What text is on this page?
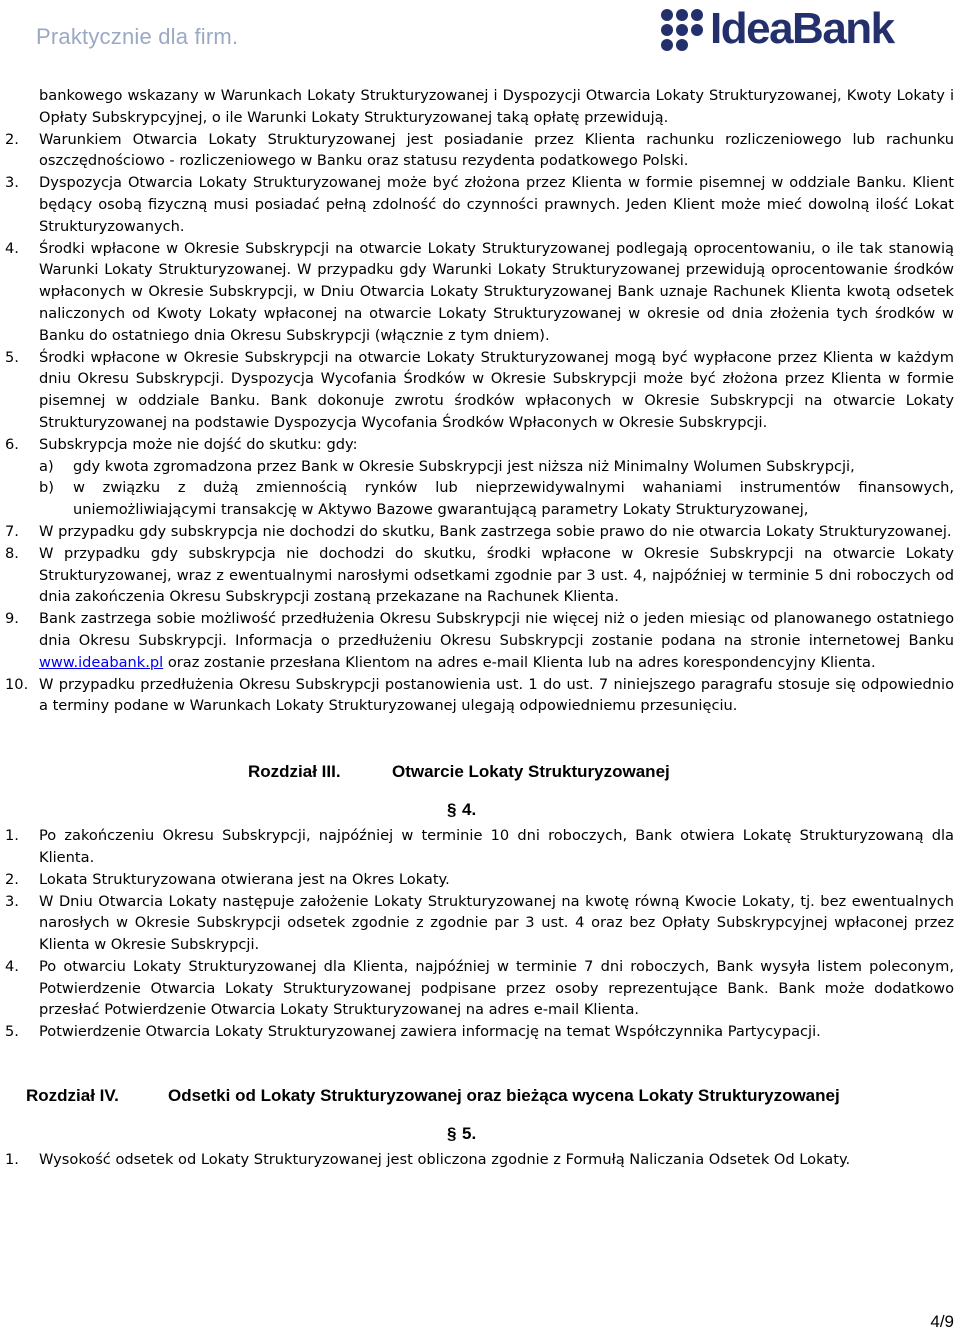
Praktycznie dla firm.	IdeaBank

bankowego wskazany w Warunkach Lokaty Strukturyzowanej i Dyspozycji Otwarcia Lokaty Strukturyzowanej, Kwoty Lokaty i Opłaty Subskrypcyjnej, o ile Warunki Lokaty Strukturyzowanej taką opłatę przewidują.

2. Warunkiem Otwarcia Lokaty Strukturyzowanej jest posiadanie przez Klienta rachunku rozliczeniowego lub rachunku oszczędnościowo - rozliczeniowego w Banku oraz statusu rezydenta podatkowego Polski.

3. Dyspozycja Otwarcia Lokaty Strukturyzowanej może być złożona przez Klienta w formie pisemnej w oddziale Banku. Klient będący osobą fizyczną musi posiadać pełną zdolność do czynności prawnych. Jeden Klient może mieć dowolną ilość Lokat Strukturyzowanych.

4. Środki wpłacone w Okresie Subskrypcji na otwarcie Lokaty Strukturyzowanej podlegają oprocentowaniu, o ile tak stanowią Warunki Lokaty Strukturyzowanej. W przypadku gdy Warunki Lokaty Strukturyzowanej przewidują oprocentowanie środków wpłaconych w Okresie Subskrypcji, w Dniu Otwarcia Lokaty Strukturyzowanej Bank uznaje Rachunek Klienta kwotą odsetek naliczonych od Kwoty Lokaty wpłaconej na otwarcie Lokaty Strukturyzowanej w okresie od dnia złożenia tych środków w Banku do ostatniego dnia Okresu Subskrypcji (włącznie z tym dniem).

5. Środki wpłacone w Okresie Subskrypcji na otwarcie Lokaty Strukturyzowanej mogą być wypłacone przez Klienta w każdym dniu Okresu Subskrypcji. Dyspozycja Wycofania Środków w Okresie Subskrypcji może być złożona przez Klienta w formie pisemnej w oddziale Banku. Bank dokonuje zwrotu środków wpłaconych w Okresie Subskrypcji na otwarcie Lokaty Strukturyzowanej na podstawie Dyspozycja Wycofania Środków Wpłaconych w Okresie Subskrypcji.

6. Subskrypcja może nie dojść do skutku: gdy:

a) gdy kwota zgromadzona przez Bank w Okresie Subskrypcji jest niższa niż Minimalny Wolumen Subskrypcji,

b) w związku z dużą zmiennością rynków lub nieprzewidywalnymi wahaniami instrumentów finansowych, uniemożliwiającymi transakcję w Aktywo Bazowe gwarantującą parametry Lokaty Strukturyzowanej,

7. W przypadku gdy subskrypcja nie dochodzi do skutku, Bank zastrzega sobie prawo do nie otwarcia Lokaty Strukturyzowanej.

8. W przypadku gdy subskrypcja nie dochodzi do skutku, środki wpłacone w Okresie Subskrypcji na otwarcie Lokaty Strukturyzowanej, wraz z ewentualnymi narosłymi odsetkami zgodnie par 3 ust. 4, najpóźniej w terminie 5 dni roboczych od dnia zakończenia Okresu Subskrypcji zostaną przekazane na Rachunek Klienta.

9. Bank zastrzega sobie możliwość przedłużenia Okresu Subskrypcji nie więcej niż o jeden miesiąc od planowanego ostatniego dnia Okresu Subskrypcji. Informacja o przedłużeniu Okresu Subskrypcji zostanie podana na stronie internetowej Banku www.ideabank.pl oraz zostanie przesłana Klientom na adres e-mail Klienta lub na adres korespondencyjny Klienta.

10. W przypadku przedłużenia Okresu Subskrypcji postanowienia ust. 1 do ust. 7 niniejszego paragrafu stosuje się odpowiednio a terminy podane w Warunkach Lokaty Strukturyzowanej ulegają odpowiedniemu przesunięciu.

Rozdział III.	Otwarcie Lokaty Strukturyzowanej
§ 4.

1. Po zakończeniu Okresu Subskrypcji, najpóźniej w terminie 10 dni roboczych, Bank otwiera Lokatę Strukturyzowaną dla Klienta.

2. Lokata Strukturyzowana otwierana jest na Okres Lokaty.

3. W Dniu Otwarcia Lokaty następuje założenie Lokaty Strukturyzowanej na kwotę równą Kwocie Lokaty, tj. bez ewentualnych narosłych w Okresie Subskrypcji odsetek zgodnie z zgodnie par 3 ust. 4 oraz bez Opłaty Subskrypcyjnej wpłaconej przez Klienta w Okresie Subskrypcji.

4. Po otwarciu Lokaty Strukturyzowanej dla Klienta, najpóźniej w terminie 7 dni roboczych, Bank wysyła listem poleconym, Potwierdzenie Otwarcia Lokaty Strukturyzowanej podpisane przez osoby reprezentujące Bank. Bank może dodatkowo przesłać Potwierdzenie Otwarcia Lokaty Strukturyzowanej na adres e-mail Klienta.

5. Potwierdzenie Otwarcia Lokaty Strukturyzowanej zawiera informację na temat Współczynnika Partycypacji.

Rozdział IV.	Odsetki od Lokaty Strukturyzowanej oraz bieżąca wycena Lokaty Strukturyzowanej
§ 5.

1. Wysokość odsetek od Lokaty Strukturyzowanej jest obliczona zgodnie z Formułą Naliczania Odsetek Od Lokaty.

4/9
